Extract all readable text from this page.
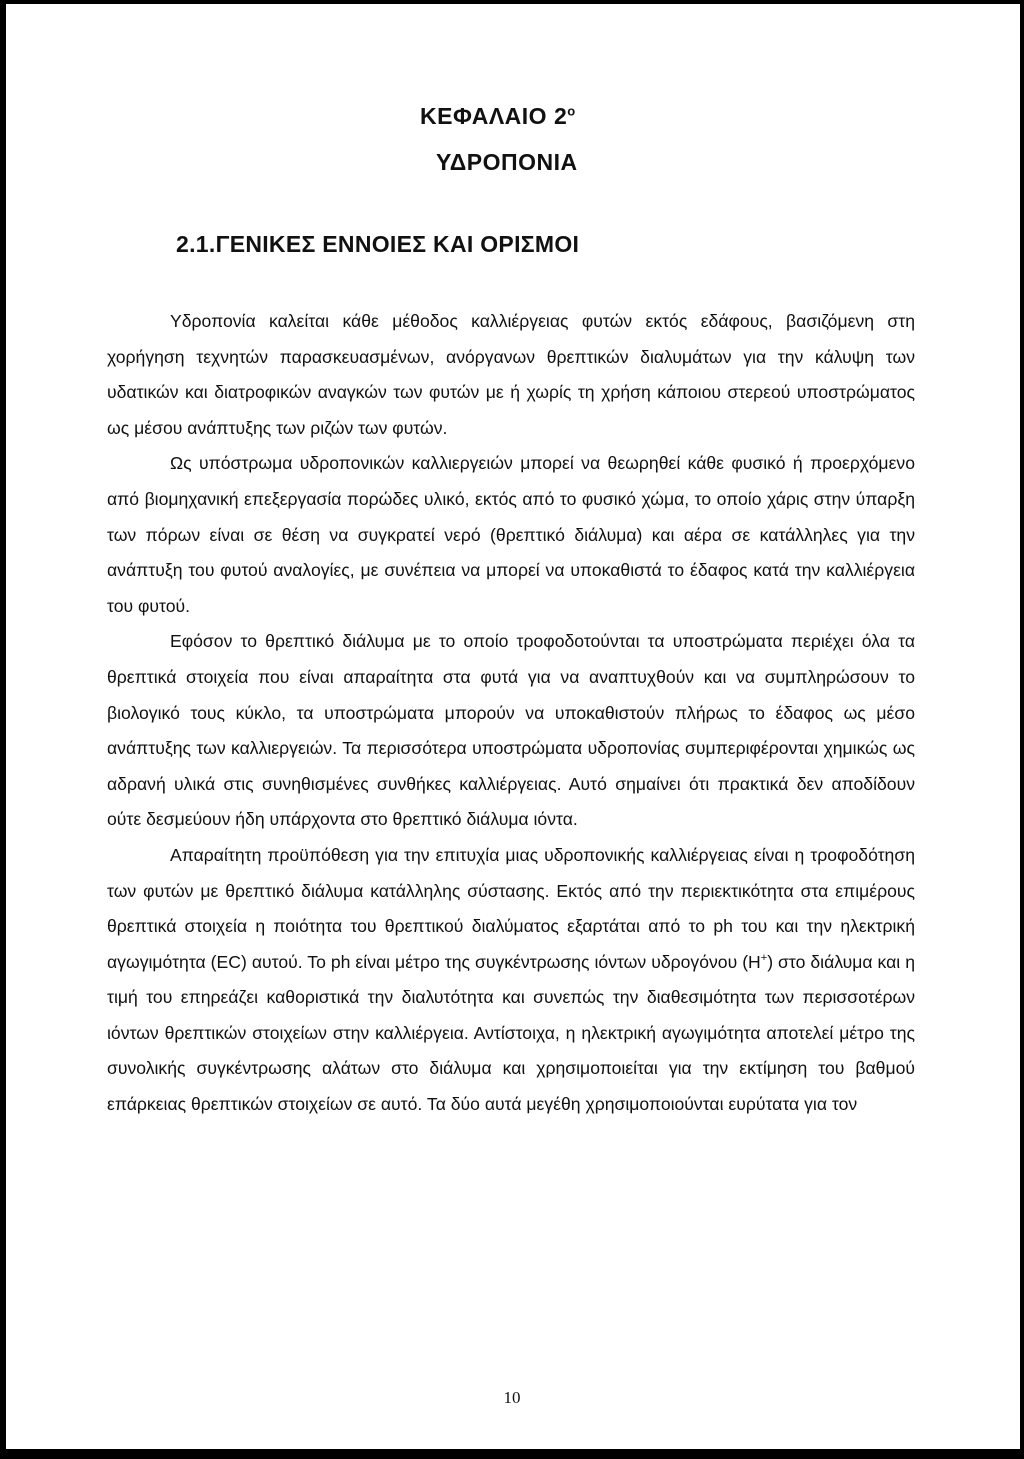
ΚΕΦΑΛΑΙΟ $2^o$
ΥΔΡΟΠΟΝΙΑ
2.1.ΓΕΝΙΚΕΣ ΕΝΝΟΙΕΣ ΚΑΙ ΟΡΙΣΜΟΙ

Υδροπονία καλείται κάθε μέθοδος καλλιέργειας φυτών εκτός εδάφους, βασιζόμενη στη χορήγηση τεχνητών παρασκευασμένων, ανόργανων θρεπτικών διαλυμάτων για την κάλυψη των υδατικών και διατροφικών αναγκών των φυτών με ή χωρίς τη χρήση κάποιου στερεού υποστρώματος ως μέσου ανάπτυξης των ριζών των φυτών.

Ως υπόστρωμα υδροπονικών καλλιεργειών μπορεί να θεωρηθεί κάθε φυσικό ή προερχόμενο από βιομηχανική επεξεργασία πορώδες υλικό, εκτός από το φυσικό χώμα, το οποίο χάρις στην ύπαρξη των πόρων είναι σε θέση να συγκρατεί νερό (θρεπτικό διάλυμα) και αέρα σε κατάλληλες για την ανάπτυξη του φυτού αναλογίες, με συνέπεια να μπορεί να υποκαθιστά το έδαφος κατά την καλλιέργεια του φυτού.

Εφόσον το θρεπτικό διάλυμα με το οποίο τροφοδοτούνται τα υποστρώματα περιέχει όλα τα θρεπτικά στοιχεία που είναι απαραίτητα στα φυτά για να αναπτυχθούν και να συμπληρώσουν το βιολογικό τους κύκλο, τα υποστρώματα μπορούν να υποκαθιστούν πλήρως το έδαφος ως μέσο ανάπτυξης των καλλιεργειών. Τα περισσότερα υποστρώματα υδροπονίας συμπεριφέρονται χημικώς ως αδρανή υλικά στις συνηθισμένες συνθήκες καλλιέργειας. Αυτό σημαίνει ότι πρακτικά δεν αποδίδουν ούτε δεσμεύουν ήδη υπάρχοντα στο θρεπτικό διάλυμα ιόντα.

Απαραίτητη προϋπόθεση για την επιτυχία μιας υδροπονικής καλλιέργειας είναι η τροφοδότηση των φυτών με θρεπτικό διάλυμα κατάλληλης σύστασης. Εκτός από την περιεκτικότητα στα επιμέρους θρεπτικά στοιχεία η ποιότητα του θρεπτικού διαλύματος εξαρτάται από το ph του και την ηλεκτρική αγωγιμότητα (EC) αυτού. Το ph είναι μέτρο της συγκέντρωσης ιόντων υδρογόνου (H+) στο διάλυμα και η τιμή του επηρεάζει καθοριστικά την διαλυτότητα και συνεπώς την διαθεσιμότητα των περισσοτέρων ιόντων θρεπτικών στοιχείων στην καλλιέργεια. Αντίστοιχα, η ηλεκτρική αγωγιμότητα αποτελεί μέτρο της συνολικής συγκέντρωσης αλάτων στο διάλυμα και χρησιμοποιείται για την εκτίμηση του βαθμού επάρκειας θρεπτικών στοιχείων σε αυτό. Τα δύο αυτά μεγέθη χρησιμοποιούνται ευρύτατα για τον

10
